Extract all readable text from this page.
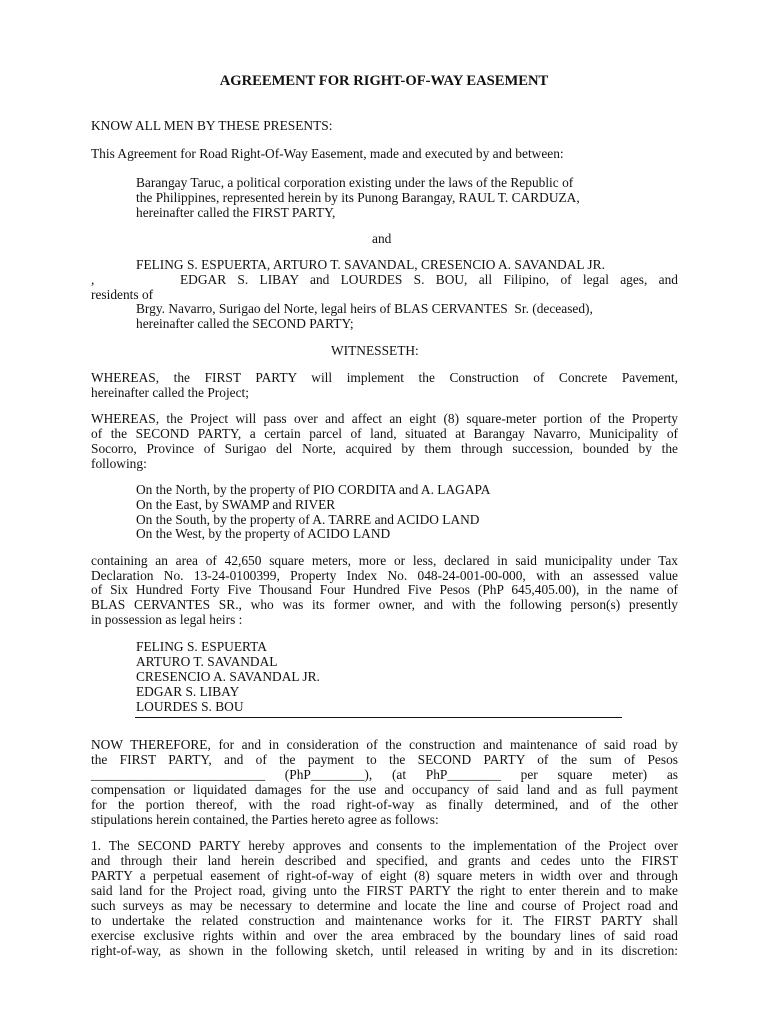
AGREEMENT FOR RIGHT-OF-WAY EASEMENT
KNOW ALL MEN BY THESE PRESENTS:
This Agreement for Road Right-Of-Way Easement, made and executed by and between:
Barangay Taruc, a political corporation existing under the laws of the Republic of
the Philippines, represented herein by its Punong Barangay, RAUL T. CARDUZA,
hereinafter called the FIRST PARTY,
and
FELING S. ESPUERTA, ARTURO T. SAVANDAL, CRESENCIO A. SAVANDAL JR.
,	EDGAR S. LIBAY and LOURDES S. BOU, all Filipino, of legal ages, and
residents of
Brgy. Navarro, Surigao del Norte, legal heirs of BLAS CERVANTES  Sr. (deceased),
hereinafter called the SECOND PARTY;
WITNESSETH:
WHEREAS, the FIRST PARTY will implement the Construction of Concrete Pavement,
hereinafter called the Project;
WHEREAS, the Project will pass over and affect an eight (8) square-meter portion of the Property
of the SECOND PARTY, a certain parcel of land, situated at Barangay Navarro, Municipality of
Socorro, Province of Surigao del Norte, acquired by them through succession, bounded by the
following:
On the North, by the property of PIO CORDITA and A. LAGAPA
On the East, by SWAMP and RIVER
On the South, by the property of A. TARRE and ACIDO LAND
On the West, by the property of ACIDO LAND
containing an area of 42,650 square meters, more or less, declared in said municipality under Tax
Declaration No. 13-24-0100399, Property Index No. 048-24-001-00-000, with an assessed value
of Six Hundred Forty Five Thousand Four Hundred Five Pesos (PhP 645,405.00), in the name of
BLAS CERVANTES SR., who was its former owner, and with the following person(s) presently
in possession as legal heirs :
FELING S. ESPUERTA
ARTURO T. SAVANDAL
CRESENCIO A. SAVANDAL JR.
EDGAR S. LIBAY
LOURDES S. BOU
NOW THEREFORE, for and in consideration of the construction and maintenance of said road by
the FIRST PARTY, and of the payment to the SECOND PARTY of the sum of Pesos
__________________________ (PhP________), (at PhP________ per square meter) as
compensation or liquidated damages for the use and occupancy of said land and as full payment
for the portion thereof, with the road right-of-way as finally determined, and of the other
stipulations herein contained, the Parties hereto agree as follows:
1. The SECOND PARTY hereby approves and consents to the implementation of the Project over
and through their land herein described and specified, and grants and cedes unto the FIRST
PARTY a perpetual easement of right-of-way of eight (8) square meters in width over and through
said land for the Project road, giving unto the FIRST PARTY the right to enter therein and to make
such surveys as may be necessary to determine and locate the line and course of Project road and
to undertake the related construction and maintenance works for it. The FIRST PARTY shall
exercise exclusive rights within and over the area embraced by the boundary lines of said road
right-of-way, as shown in the following sketch, until released in writing by and in its discretion:
